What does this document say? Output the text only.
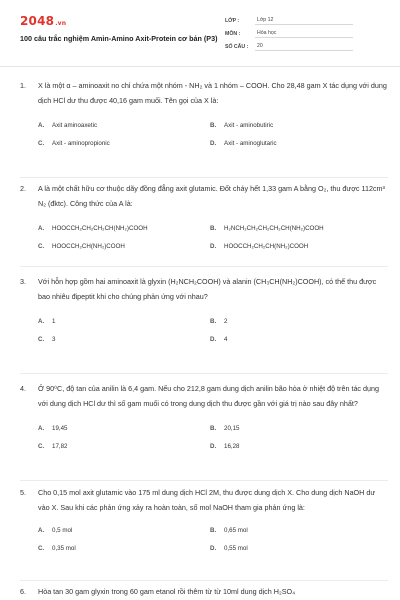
2048.vn
100 câu trắc nghiệm Amin-Amino Axit-Protein cơ bản (P3)
LỚP :	Lớp 12
MÔN :	Hóa học
SỐ CÂU :	20
1.	X là một α – aminoaxit no chỉ chứa một nhóm - NH₂ và 1 nhóm – COOH. Cho 28,48 gam X tác dụng với dung dịch HCl dư thu được 40,16 gam muối. Tên gọi của X là:
A. Axit aminoaxetic	B. Axit - aminobutiric
C. Axit - aminopropionic	D. Axit - aminoglutaric
2.	A là một chất hữu cơ thuộc dãy đồng đẳng axit glutamic. Đốt cháy hết 1,33 gam A bằng O₂, thu được 112cm³ N₂ (đktc). Công thức của A là:
A. HOOCCH₂CH₂CH₂CH(NH₂)COOH	B. H₂NCH₂CH₂CH₂CH₂CH(NH₂)COOH
C. HOOCCH₂CH(NH₂)COOH	D. HOOCCH₂CH₂CH(NH₂)COOH
3.	Với hỗn hợp gồm hai aminoaxit là glyxin (H₂NCH₂COOH) và alanin (CH₃CH(NH₂)COOH), có thể thu được bao nhiêu đipeptit khi cho chúng phản ứng với nhau?
A. 1	B. 2
C. 3	D. 4
4.	Ở 90⁰C, độ tan của anilin là 6,4 gam. Nếu cho 212,8 gam dung dịch anilin bão hòa ở nhiệt độ trên tác dụng với dung dịch HCl dư thì số gam muối có trong dung dịch thu được gần với giá trị nào sau đây nhất?
A. 19,45	B. 20,15
C. 17,82	D. 16,28
5.	Cho 0,15 mol axit glutamic vào 175 ml dung dịch HCl 2M, thu được dung dịch X. Cho dung dịch NaOH dư vào X. Sau khi các phản ứng xảy ra hoàn toàn, số mol NaOH tham gia phản ứng là:
A. 0,5 mol	B. 0,65 mol
C. 0,35 mol	D. 0,55 mol
6.	Hòa tan 30 gam glyxin trong 60 gam etanol rồi thêm từ từ 10ml dung dịch H₂SO₄
